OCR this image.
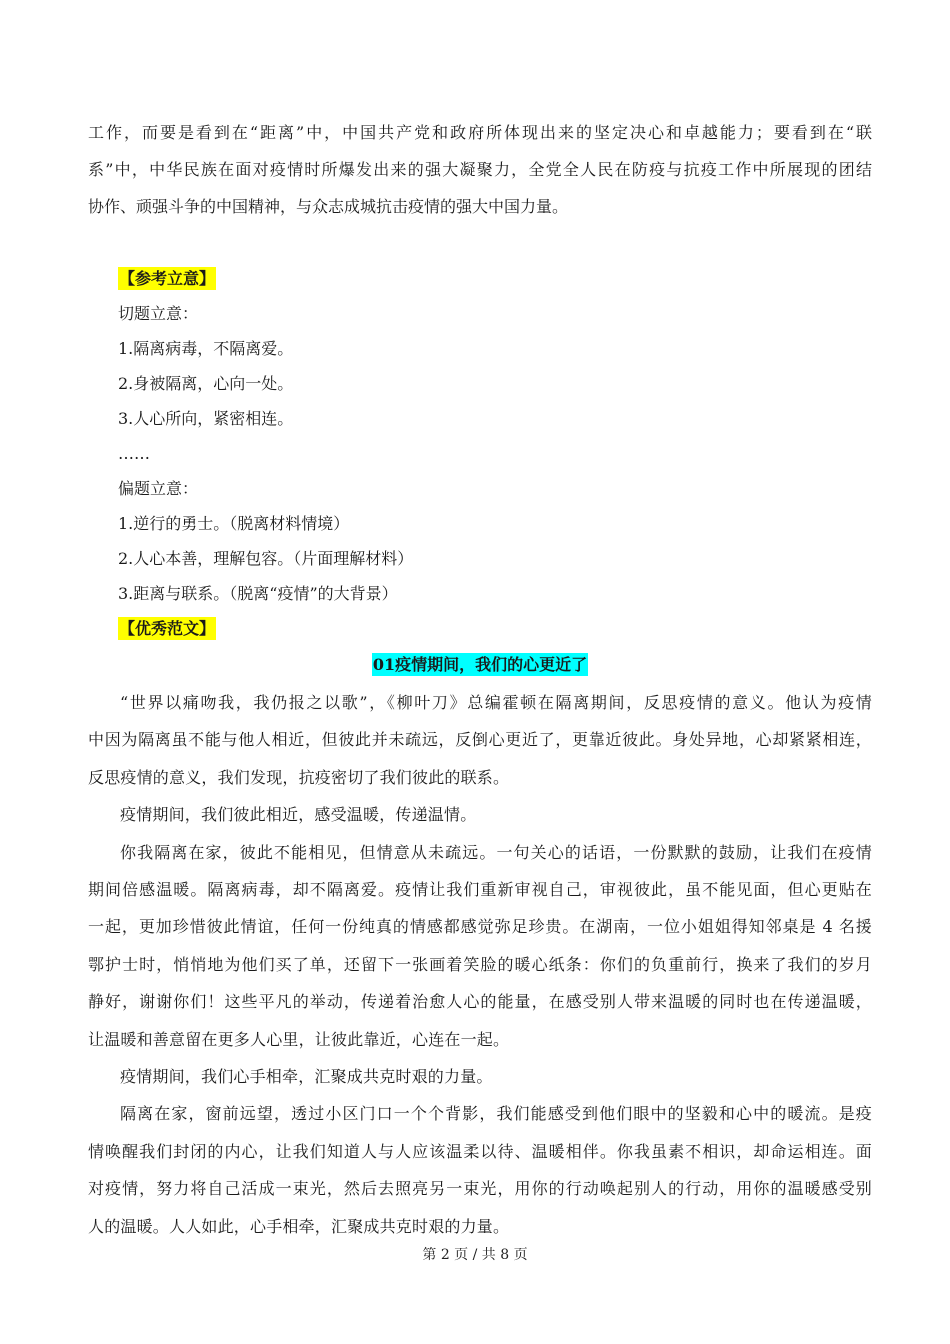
工作，而要是看到在“距离”中，中国共产党和政府所体现出来的坚定决心和卓越能力；要看到在“联
系”中，中华民族在面对疫情时所爆发出来的强大凝聚力，全党全人民在防疫与抗疫工作中所展现的团结
协作、顽强斗争的中国精神，与众志成城抗击疫情的强大中国力量。
【参考立意】
切题立意：
1.隔离病毒，不隔离爱。
2.身被隔离，心向一处。
3.人心所向，紧密相连。
……
偏题立意：
1.逆行的勇士。（脱离材料情境）
2.人心本善，理解包容。（片面理解材料）
3.距离与联系。（脱离“疫情”的大背景）
【优秀范文】
01疫情期间，我们的心更近了
“世界以痛吻我，我仍报之以歌”，《柳叶刀》总编霍顿在隔离期间，反思疫情的意义。他认为疫情
中因为隔离虽不能与他人相近，但彼此并未疏远，反倒心更近了，更靠近彼此。身处异地，心却紧紧相连，
反思疫情的意义，我们发现，抗疫密切了我们彼此的联系。
疫情期间，我们彼此相近，感受温暖，传递温情。
你我隔离在家，彼此不能相见，但情意从未疏远。一句关心的话语，一份默默的鼓励，让我们在疫情
期间倍感温暖。隔离病毒，却不隔离爱。疫情让我们重新审视自己，审视彼此，虽不能见面，但心更贴在
一起，更加珍惜彼此情谊，任何一份纯真的情感都感觉弥足珍贵。在湖南，一位小姐姐得知邻桌是 4 名援
鄂护士时，悄悄地为他们买了单，还留下一张画着笑脸的暖心纸条：你们的负重前行，换来了我们的岁月
静好，谢谢你们！这些平凡的举动，传递着治愈人心的能量，在感受别人带来温暖的同时也在传递温暖，
让温暖和善意留在更多人心里，让彼此靠近，心连在一起。
疫情期间，我们心手相牵，汇聚成共克时艰的力量。
隔离在家，窗前远望，透过小区门口一个个背影，我们能感受到他们眼中的坚毅和心中的暖流。是疫
情唤醒我们封闭的内心，让我们知道人与人应该温柔以待、温暖相伴。你我虽素不相识，却命运相连。面
对疫情，努力将自己活成一束光，然后去照亮另一束光，用你的行动唤起别人的行动，用你的温暖感受别
人的温暖。人人如此，心手相牵，汇聚成共克时艰的力量。
第 2 页 / 共 8 页
